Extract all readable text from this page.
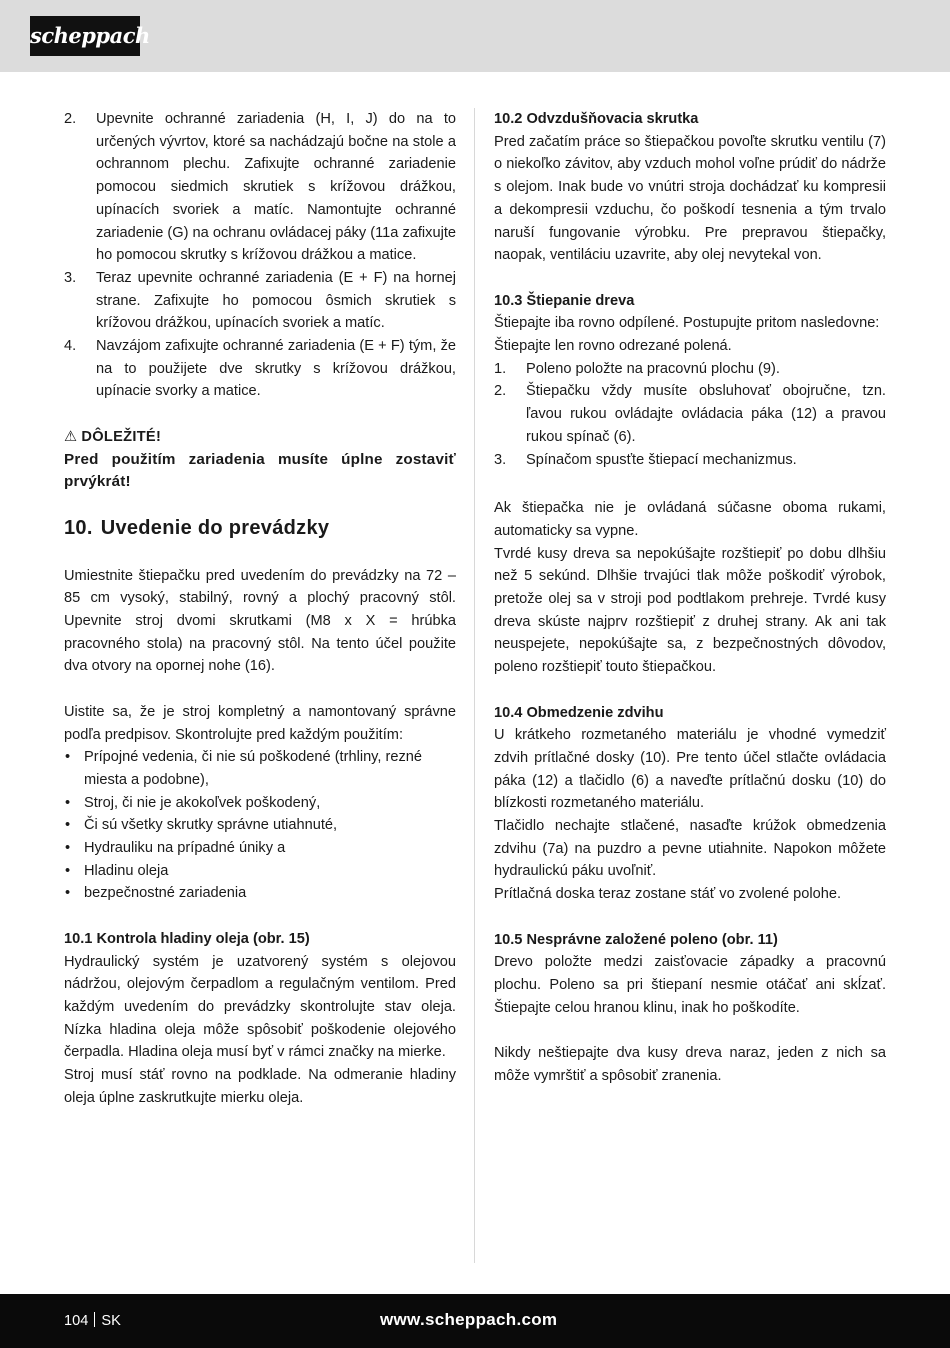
scheppach
2. Upevnite ochranné zariadenia (H, I, J) do na to určených vývrtov, ktoré sa nachádzajú bočne na stole a ochrannom plechu. Zafixujte ochranné zariadenie pomocou siedmich skrutiek s krížovou drážkou, upínacích svoriek a matíc. Namontujte ochranné zariadenie (G) na ochranu ovládacej páky (11a zafixujte ho pomocou skrutky s krížovou drážkou a matice.
3. Teraz upevnite ochranné zariadenia (E + F) na hornej strane. Zafixujte ho pomocou ôsmich skrutiek s krížovou drážkou, upínacích svoriek a matíc.
4. Navzájom zafixujte ochranné zariadenia (E + F) tým, že na to použijete dve skrutky s krížovou drážkou, upínacie svorky a matice.
⚠ DÔLEŽITÉ!

Pred použitím zariadenia musíte úplne zostaviť prvýkrát!

10. Uvedenie do prevádzky

Umiestnite štiepačku pred uvedením do prevádzky na 72 – 85 cm vysoký, stabilný, rovný a plochý pracovný stôl. Upevnite stroj dvomi skrutkami (M8 x X = hrúbka pracovného stola) na pracovný stôl. Na tento účel použite dva otvory na opornej nohe (16).

Uistite sa, že je stroj kompletný a namontovaný správne podľa predpisov. Skontrolujte pred každým použitím:

• Prípojné vedenia, či nie sú poškodené (trhliny, rezné miesta a podobne),
• Stroj, či nie je akokoľvek poškodený,
• Či sú všetky skrutky správne utiahnuté,
• Hydrauliku na prípadné úniky a
• Hladinu oleja
• bezpečnostné zariadenia
10.1 Kontrola hladiny oleja (obr. 15)

Hydraulický systém je uzatvorený systém s olejovou nádržou, olejovým čerpadlom a regulačným ventilom. Pred každým uvedením do prevádzky skontrolujte stav oleja. Nízka hladina oleja môže spôsobiť poškodenie olejového čerpadla. Hladina oleja musí byť v rámci značky na mierke.

Stroj musí stáť rovno na podklade. Na odmeranie hladiny oleja úplne zaskrutkujte mierku oleja.

10.2 Odvzdušňovacia skrutka

Pred začatím práce so štiepačkou povoľte skrutku ventilu (7) o niekoľko závitov, aby vzduch mohol voľne prúdiť do nádrže s olejom. Inak bude vo vnútri stroja dochádzať ku kompresii a dekompresii vzduchu, čo poškodí tesnenia a tým trvalo naruší fungovanie výrobku. Pre prepravou štiepačky, naopak, ventiláciu uzavrite, aby olej nevytekal von.

10.3 Štiepanie dreva

Štiepajte iba rovno odpílené. Postupujte pritom nasledovne:

Štiepajte len rovno odrezané polená.

1. Poleno položte na pracovnú plochu (9).
2. Štiepačku vždy musíte obsluhovať obojručne, tzn. ľavou rukou ovládajte ovládacia páka (12) a pravou rukou spínač (6).
3. Spínačom spusťte štiepací mechanizmus.

Ak štiepačka nie je ovládaná súčasne oboma rukami, automaticky sa vypne.

Tvrdé kusy dreva sa nepokúšajte rozštiepiť po dobu dlhšiu než 5 sekúnd. Dlhšie trvajúci tlak môže poškodiť výrobok, pretože olej sa v stroji pod podtlakom prehreje. Tvrdé kusy dreva skúste najprv rozštiepiť z druhej strany. Ak ani tak neuspejete, nepokúšajte sa, z bezpečnostných dôvodov, poleno rozštiepiť touto štiepačkou.

10.4 Obmedzenie zdvihu

U krátkeho rozmetaného materiálu je vhodné vymedziť zdvih prítlačné dosky (10). Pre tento účel stlačte ovládacia páka (12) a tlačidlo (6) a naveďte prítlačnú dosku (10) do blízkosti rozmetaného materiálu.

Tlačidlo nechajte stlačené, nasaďte krúžok obmedzenia zdvihu (7a) na puzdro a pevne utiahnite. Napokon môžete hydraulickú páku uvoľniť.

Prítlačná doska teraz zostane stáť vo zvolené polohe.

10.5 Nesprávne založené poleno (obr. 11)

Drevo položte medzi zaisťovacie západky a pracovnú plochu. Poleno sa pri štiepaní nesmie otáčať ani skĺzať. Štiepajte celou hranou klinu, inak ho poškodíte.

Nikdy neštiepajte dva kusy dreva naraz, jeden z nich sa môže vymrštiť a spôsobiť zranenia.

104 SK	www.scheppach.com
